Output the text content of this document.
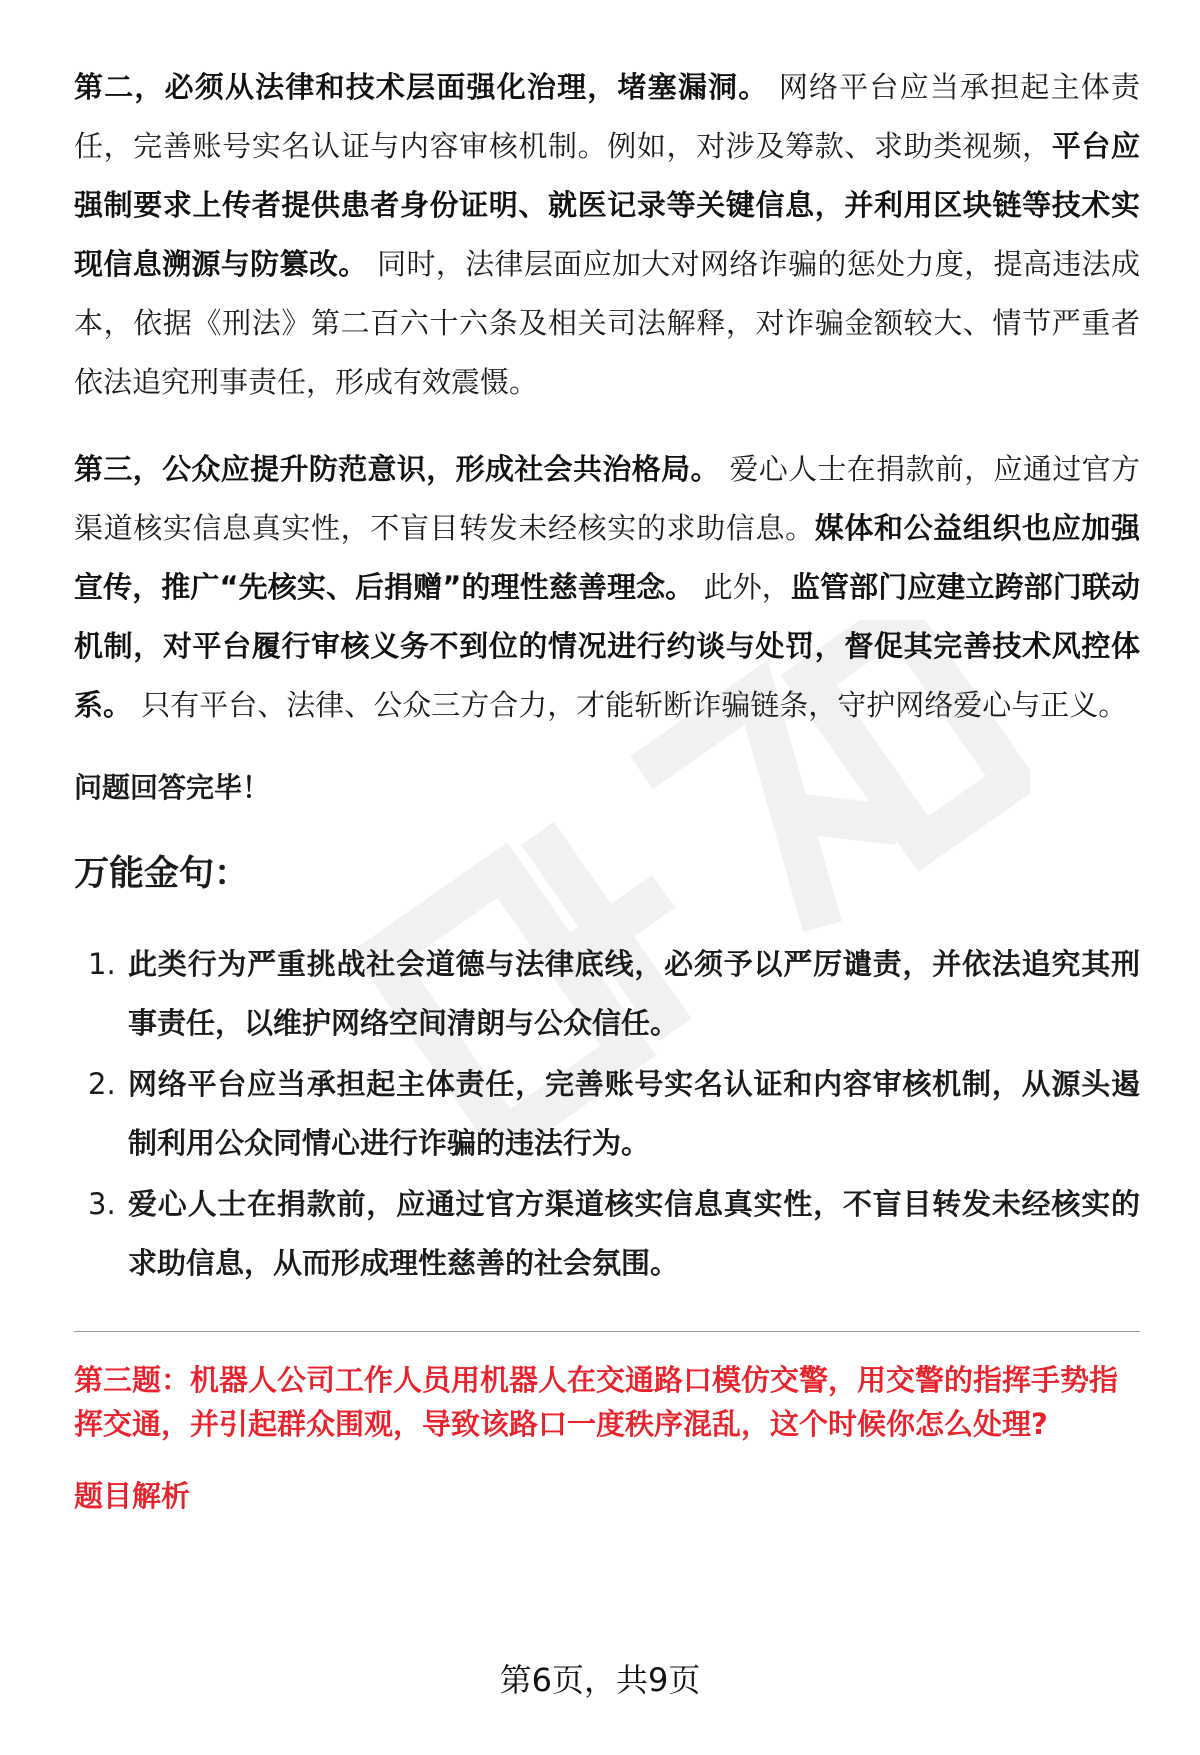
第二，必须从法律和技术层面强化治理，堵塞漏洞。 网络平台应当承担起主体责任，完善账号实名认证与内容审核机制。例如，对涉及筹款、求助类视频，平台应强制要求上传者提供患者身份证明、就医记录等关键信息，并利用区块链等技术实现信息溯源与防篡改。 同时，法律层面应加大对网络诈骗的惩处力度，提高违法成本，依据《刑法》第二百六十六条及相关司法解释，对诈骗金额较大、情节严重者依法追究刑事责任，形成有效震慑。

第三，公众应提升防范意识，形成社会共治格局。 爱心人士在捐款前，应通过官方渠道核实信息真实性，不盲目转发未经核实的求助信息。媒体和公益组织也应加强宣传，推广“先核实、后捐赠”的理性慈善理念。 此外，监管部门应建立跨部门联动机制，对平台履行审核义务不到位的情况进行约谈与处罚，督促其完善技术风控体系。 只有平台、法律、公众三方合力，才能斩断诈骗链条，守护网络爱心与正义。

问题回答完毕！
万能金句：
1. 此类行为严重挑战社会道德与法律底线，必须予以严厉谴责，并依法追究其刑事责任，以维护网络空间清朗与公众信任。
2. 网络平台应当承担起主体责任，完善账号实名认证和内容审核机制，从源头遏制利用公众同情心进行诈骗的违法行为。
3. 爱心人士在捐款前，应通过官方渠道核实信息真实性，不盲目转发未经核实的求助信息，从而形成理性慈善的社会氛围。
第三题：机器人公司工作人员用机器人在交通路口模仿交警，用交警的指挥手势指挥交通，并引起群众围观，导致该路口一度秩序混乱，这个时候你怎么处理?
题目解析
第6页，共9页
